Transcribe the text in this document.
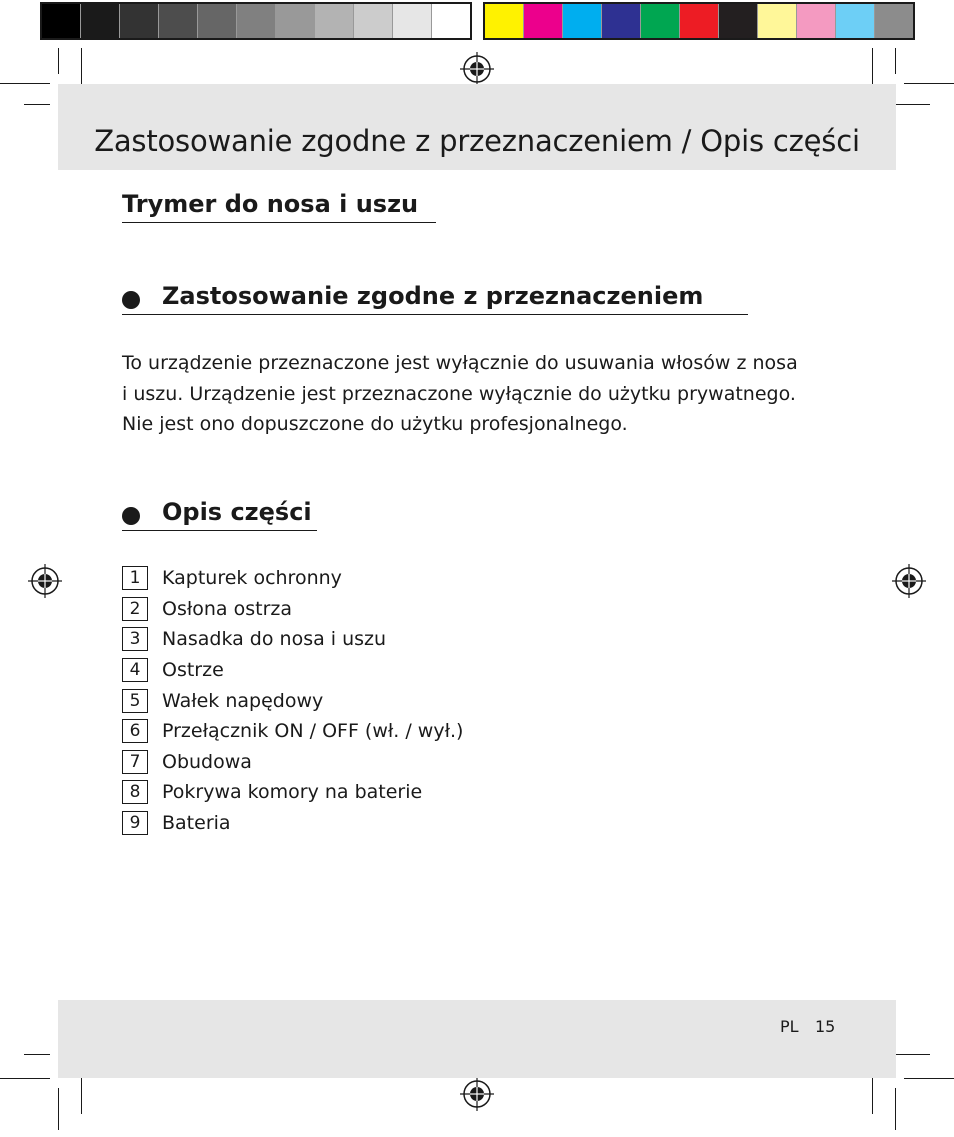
Zastosowanie zgodne z przeznaczeniem / Opis części
Trymer do nosa i uszu
Zastosowanie zgodne z przeznaczeniem
To urządzenie przeznaczone jest wyłącznie do usuwania włosów z nosa
i uszu. Urządzenie jest przeznaczone wyłącznie do użytku prywatnego.
Nie jest ono dopuszczone do użytku profesjonalnego.
Opis części
1	Kapturek ochronny
2	Osłona ostrza
3	Nasadka do nosa i uszu
4	Ostrze
5	Wałek napędowy
6	Przełącznik ON / OFF (wł. / wył.)
7	Obudowa
8	Pokrywa komory na baterie
9	Bateria
PL 15
